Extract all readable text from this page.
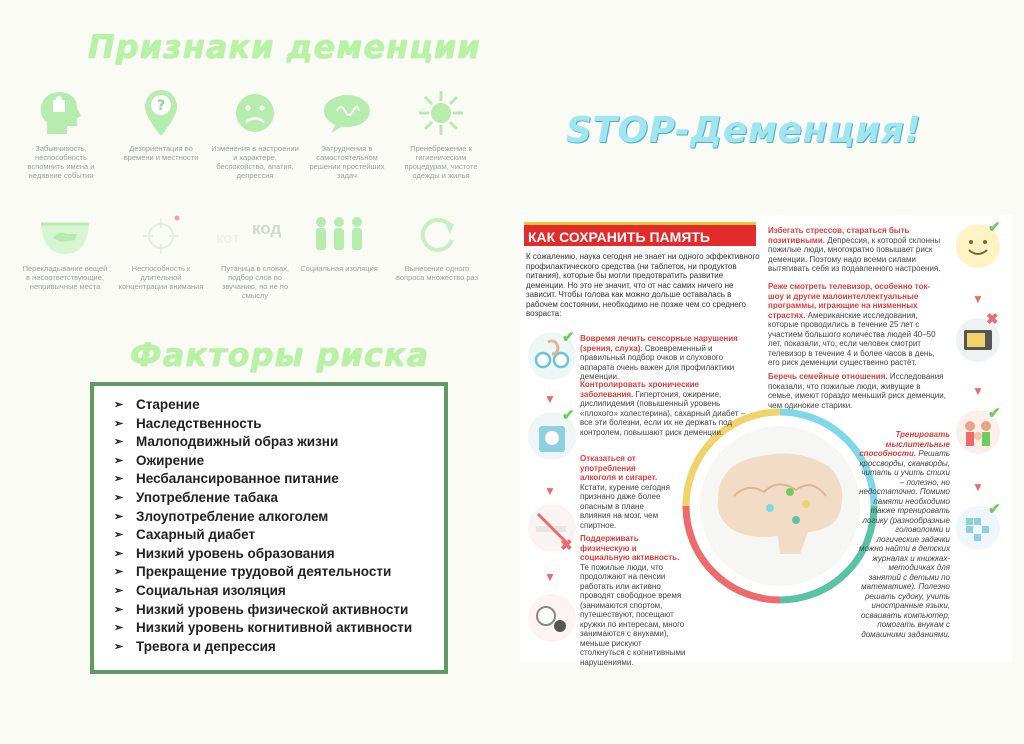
Признаки деменции
Забывчивость, неспособность вспомнить имена и недавние события
?
Дезориентация во времени и местности
Изменения в настроении и характере, беспокойство, апатия, депрессия
Затруднения в самостоятельном решении простейших задач
Пренебрежение к гигиеническим процедурам, чистоте одежды и жилья
Перекладывание вещей в несоответствующие, непривычные места
Неспособность к длительной концентрации внимания
кот
код
Путаница в словах, подбор слов по звучанию, но не по смыслу
Социальная изоляция	Вынесение одного вопроса множество раз
Факторы риска
➢ Старение
➢ Наследственность
➢ Малоподвижный образ жизни
➢ Ожирение
➢ Несбалансированное питание
➢ Употребление табака
➢ Злоупотребление алкоголем
➢ Сахарный диабет
➢ Низкий уровень образования
➢ Прекращение трудовой деятельности
➢ Социальная изоляция
➢ Низкий уровень физической активности
➢ Низкий уровень когнитивной активности
➢ Тревога и депрессия
STOP-Деменция!
КАК СОХРАНИТЬ ПАМЯТЬ
К сожалению, наука сегодня не знает ни одного эффективного профилактического средства (ни таблеток, ни продуктов питания), которые бы могли предотвратить развитие деменции. Но это не значит, что от нас самих ничего не зависит. Чтобы голова как можно дольше оставалась в рабочем состоянии, необходимо не позже чем со среднего возраста:
✔
▼
✔
▼
✖
▼
Вовремя лечить сенсорные нарушения (зрения, слуха). Своевременный и правильный подбор очков и слухового аппарата очень важен для профилактики деменции.
Контролировать хронические заболевания. Гипертония, ожирение, дислипидемия (повышенный уровень «плохого» холестерина), сахарный диабет – все эти болезни, если их не держать под контролем, повышают риск деменции.
Отказаться от употребления алкоголя и сигарет. Кстати, курение сегодня признано даже более опасным в плане влияния на мозг, чем спиртное.
Поддерживать физическую и социальную активность. Те пожилые люди, что продолжают на пенсии работать или активно проводят свободное время (занимаются спортом, путешествуют, посещают кружки по интересам, много занимаются с внуками), меньше рискуют столкнуться с когнитивными нарушениями.
Избегать стрессов, стараться быть позитивными. Депрессия, к которой склонны пожилые люди, многократно повышает риск деменции. Поэтому надо всеми силами вытягивать себя из подавленного настроения.
Реже смотреть телевизор, особенно ток-шоу и другие малоинтеллектуальные программы, играющие на низменных страстях. Американские исследования, которые проводились в течение 25 лет с участием большого количества людей 40–50 лет, показали, что, если человек смотрит телевизор в течение 4 и более часов в день, его риск деменции существенно растёт.
Беречь семейные отношения. Исследования показали, что пожилые люди, живущие в семье, имеют гораздо меньший риск деменции, чем одинокие старики.
Тренировать мыслительные способности. Решать кроссворды, сканворды, читать и учить стихи – полезно, но недостаточно. Помимо памяти необходимо также тренировать логику (разнообразные головоломки и логические задачки можно найти в детских журналах и книжках-методичках для занятий с детьми по математике). Полезно решать судоку, учить иностранные языки, осваивать компьютер, помогать внукам с домашними заданиями.
✔
▼
✖
▼
✔
▼
✔
